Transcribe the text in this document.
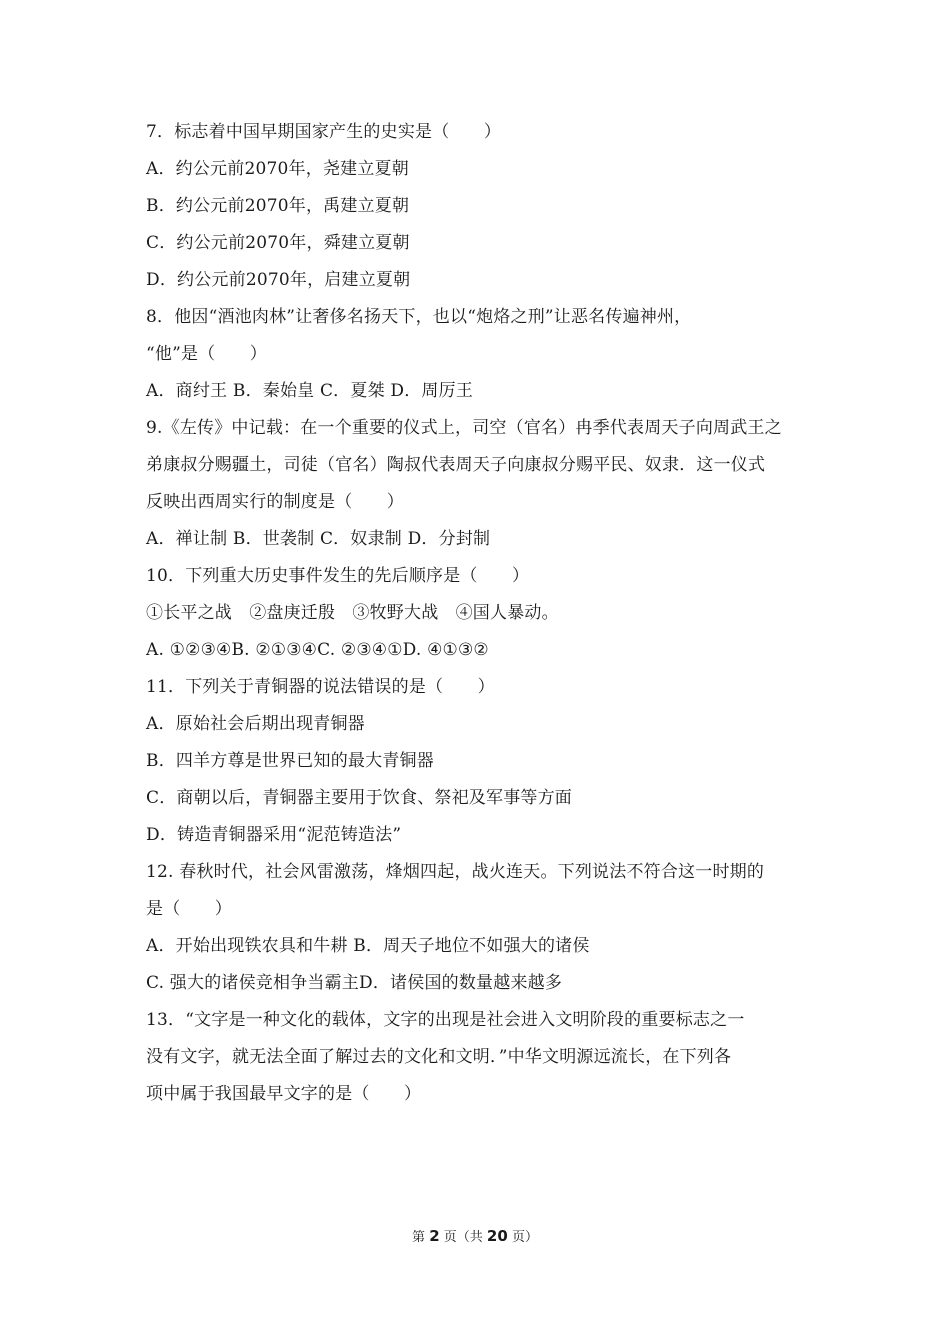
7．标志着中国早期国家产生的史实是（　　）
A．约公元前2070年，尧建立夏朝
B．约公元前2070年，禹建立夏朝
C．约公元前2070年，舜建立夏朝
D．约公元前2070年，启建立夏朝
8．他因“酒池肉林”让奢侈名扬天下，也以“炮烙之刑”让恶名传遍神州，
“他”是（　　）
A．商纣王 B．秦始皇 C．夏桀 D．周厉王
9.《左传》中记载：在一个重要的仪式上，司空（官名）冉季代表周天子向周武王之
弟康叔分赐疆土，司徒（官名）陶叔代表周天子向康叔分赐平民、奴隶．这一仪式
反映出西周实行的制度是（　　）
A．禅让制 B．世袭制 C．奴隶制 D．分封制
10．下列重大历史事件发生的先后顺序是（　　）
①长平之战　②盘庚迁殷　③牧野大战　④国人暴动。
A. ①②③④B. ②①③④C. ②③④①D. ④①③②
11．下列关于青铜器的说法错误的是（　　）
A．原始社会后期出现青铜器
B．四羊方尊是世界已知的最大青铜器
C．商朝以后，青铜器主要用于饮食、祭祀及军事等方面
D．铸造青铜器采用“泥范铸造法”
12. 春秋时代，社会风雷激荡，烽烟四起，战火连天。下列说法不符合这一时期的
是（　　）
A．开始出现铁农具和牛耕 B．周天子地位不如强大的诸侯
C. 强大的诸侯竞相争当霸主D．诸侯国的数量越来越多
13．“文字是一种文化的载体，文字的出现是社会进入文明阶段的重要标志之一
没有文字，就无法全面了解过去的文化和文明．”中华文明源远流长，在下列各
项中属于我国最早文字的是（　　）
第 2 页（共 20 页）
